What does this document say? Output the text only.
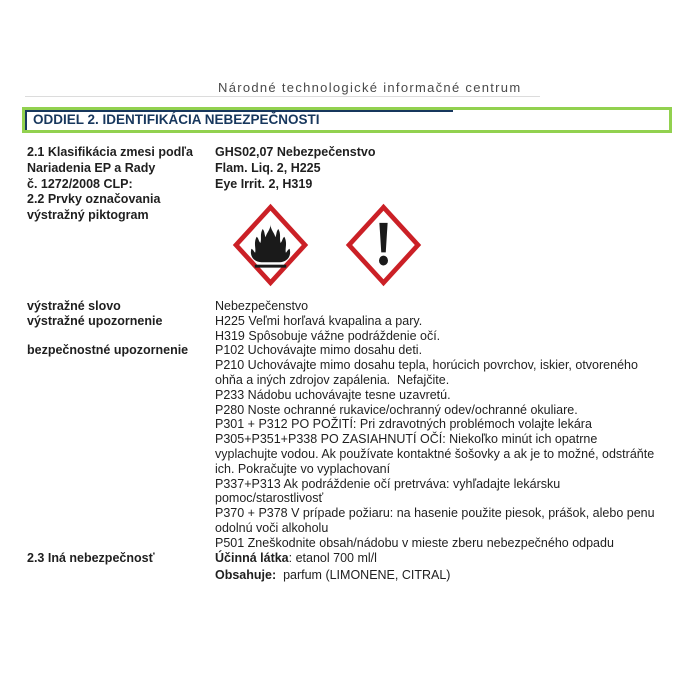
Národné technologické informačné centrum
ODDIEL 2. IDENTIFIKÁCIA NEBEZPEČNOSTI
2.1 Klasifikácia zmesi podľa
Nariadenia EP a Rady
č. 1272/2008 CLP:
2.2 Prvky označovania
výstražný piktogram
GHS02,07 Nebezpečenstvo
Flam. Liq. 2, H225
Eye Irrit. 2, H319
výstražné slovo
výstražné upozornenie
bezpečnostné upozornenie
2.3 Iná nebezpečnosť
Nebezpečenstvo
H225 Veľmi horľavá kvapalina a pary.
H319 Spôsobuje vážne podráždenie očí.
P102 Uchovávajte mimo dosahu deti.
P210 Uchovávajte mimo dosahu tepla, horúcich povrchov, iskier, otvoreného
ohňa a iných zdrojov zapálenia.  Nefajčite.
P233 Nádobu uchovávajte tesne uzavretú.
P280 Noste ochranné rukavice/ochranný odev/ochranné okuliare.
P301 + P312 PO POŽITÍ: Pri zdravotných problémoch volajte lekára
P305+P351+P338 PO ZASIAHNUTÍ OČÍ: Niekoľko minút ich opatrne
vyplachujte vodou. Ak používate kontaktné šošovky a ak je to možné, odstráňte
ich. Pokračujte vo vyplachovaní
P337+P313 Ak podráždenie očí pretrváva: vyhľadajte lekársku
pomoc/starostlivosť
P370 + P378 V prípade požiaru: na hasenie použite piesok, prášok, alebo penu
odolnú voči alkoholu
P501 Zneškodnite obsah/nádobu v mieste zberu nebezpečného odpadu
Účinná látka: etanol 700 ml/l
Obsahuje:  parfum (LIMONENE, CITRAL)
